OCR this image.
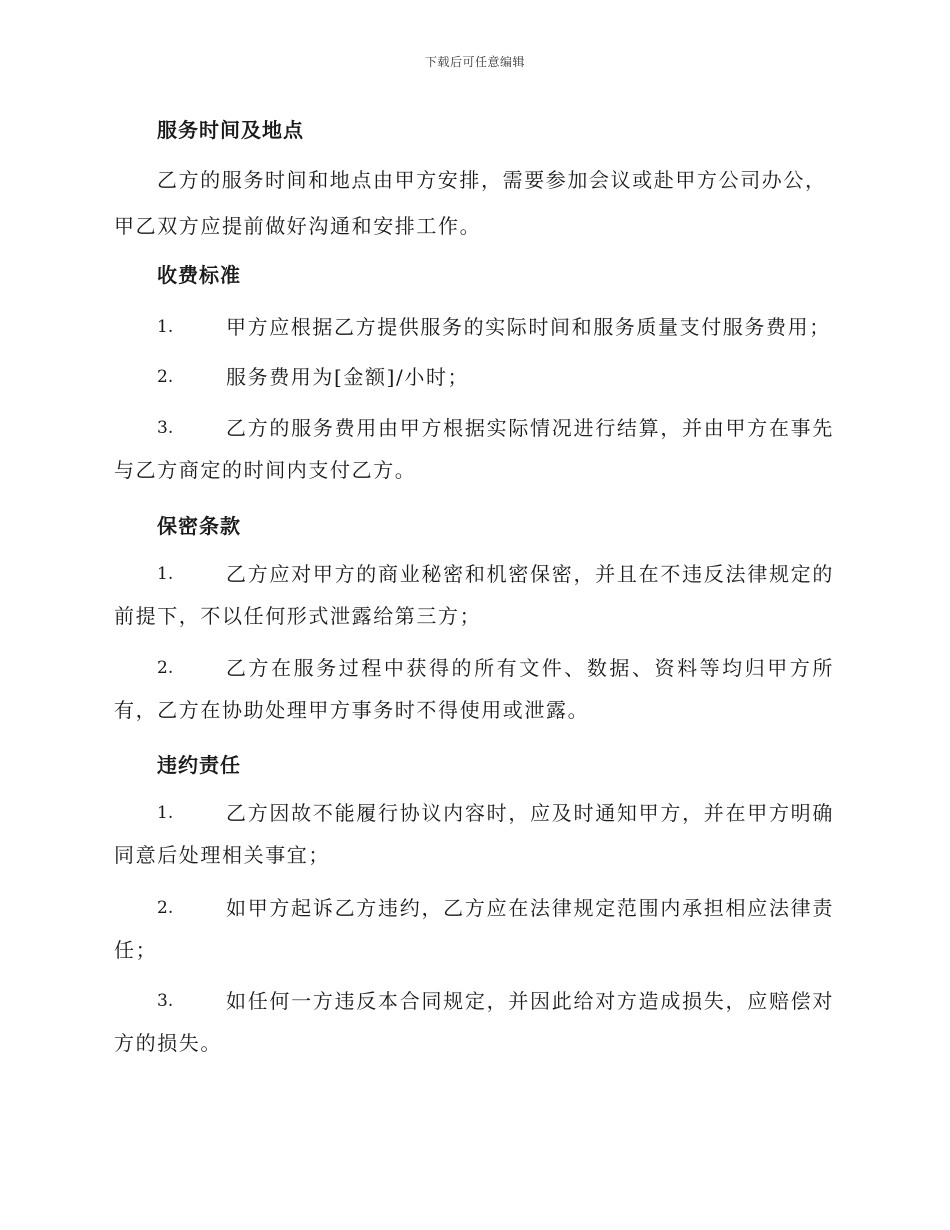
下载后可任意编辑
服务时间及地点
乙方的服务时间和地点由甲方安排，需要参加会议或赴甲方公司办公，甲乙双方应提前做好沟通和安排工作。
收费标准
1.	甲方应根据乙方提供服务的实际时间和服务质量支付服务费用；
2.	服务费用为[金额]/小时；
3.	乙方的服务费用由甲方根据实际情况进行结算，并由甲方在事先与乙方商定的时间内支付乙方。
保密条款
1.	乙方应对甲方的商业秘密和机密保密，并且在不违反法律规定的前提下，不以任何形式泄露给第三方；
2.	乙方在服务过程中获得的所有文件、数据、资料等均归甲方所有，乙方在协助处理甲方事务时不得使用或泄露。
违约责任
1.	乙方因故不能履行协议内容时，应及时通知甲方，并在甲方明确同意后处理相关事宜；
2.	如甲方起诉乙方违约，乙方应在法律规定范围内承担相应法律责任；
3.	如任何一方违反本合同规定，并因此给对方造成损失，应赔偿对方的损失。
